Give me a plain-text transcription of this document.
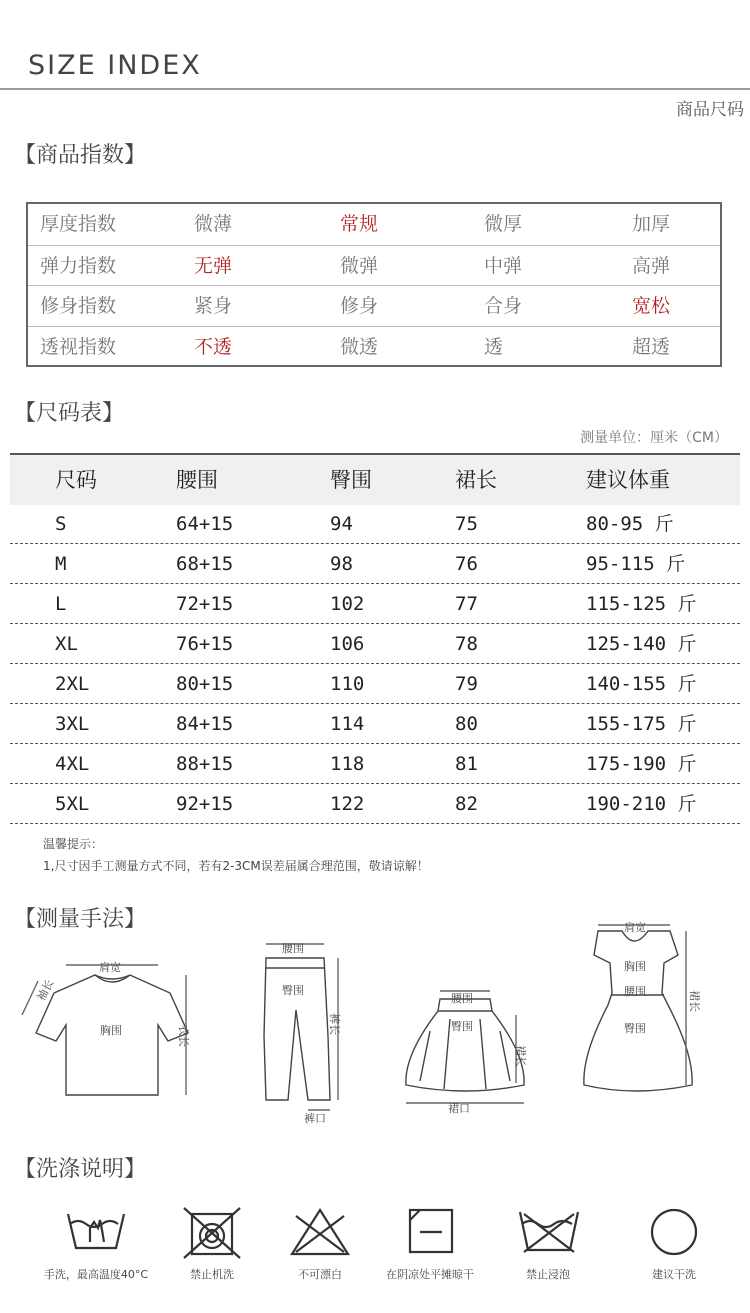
SIZE INDEX
商品尺码
【商品指数】
厚度指数	微薄	常规	微厚	加厚
弹力指数	无弹	微弹	中弹	高弹
修身指数	紧身	修身	合身	宽松
透视指数	不透	微透	透	超透
【尺码表】
测量单位：厘米（CM）
尺码	腰围	臀围	裙长	建议体重
S	64+15	94	75	80-95 斤
M	68+15	98	76	95-115 斤
L	72+15	102	77	115-125 斤
XL	76+15	106	78	125-140 斤
2XL	80+15	110	79	140-155 斤
3XL	84+15	114	80	155-175 斤
4XL	88+15	118	81	175-190 斤
5XL	92+15	122	82	190-210 斤
温馨提示：
1,尺寸因手工测量方式不同，若有2-3CM误差届属合理范围，敬请谅解！
【测量手法】
肩宽
袖长
胸围	衣长
腰围
臀围
裤长
裤口
腰围
臀围
裙长
裙口
肩宽
胸围
腰围
臀围
裙长
【洗涤说明】
手洗，最高温度40°C	禁止机洗	不可漂白	在阴凉处平摊晾干	禁止浸泡	建议干洗
